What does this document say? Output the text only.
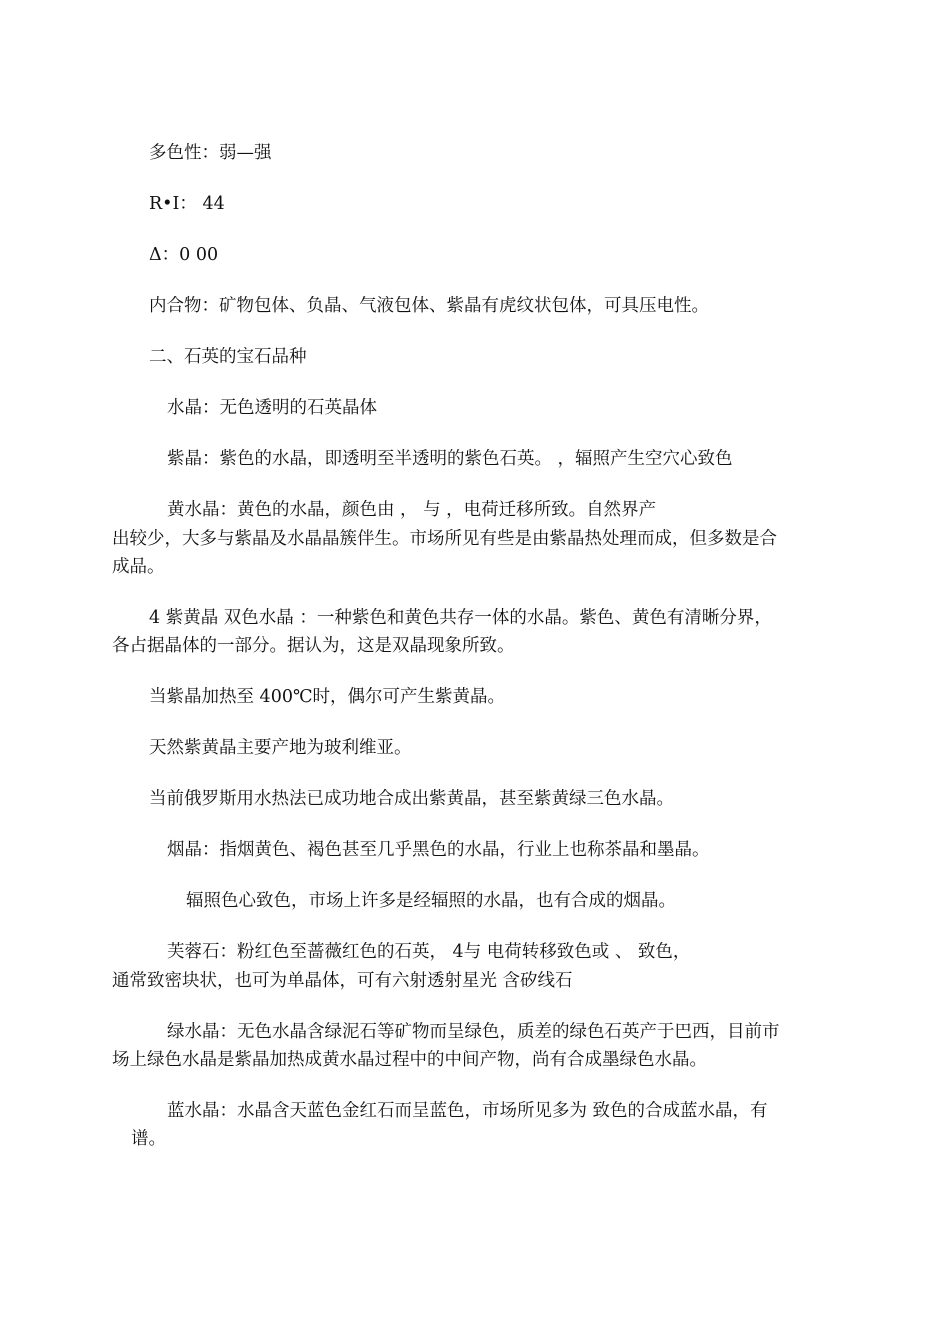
多色性：弱—强
R•I： 44
Δ：0 00
内合物：矿物包体、负晶、气液包体、紫晶有虎纹状包体，可具压电性。
二、石英的宝石品种
水晶：无色透明的石英晶体
紫晶：紫色的水晶，即透明至半透明的紫色石英。 ，辐照产生空穴心致色
黄水晶：黄色的水晶，颜色由 ， 与 ，电荷迁移所致。自然界产
出较少，大多与紫晶及水晶晶簇伴生。市场所见有些是由紫晶热处理而成，但多数是合
成品。
4 紫黄晶 双色水晶 ：一种紫色和黄色共存一体的水晶。紫色、黄色有清晰分界，
各占据晶体的一部分。据认为，这是双晶现象所致。
当紫晶加热至 400℃时，偶尔可产生紫黄晶。
天然紫黄晶主要产地为玻利维亚。
当前俄罗斯用水热法已成功地合成出紫黄晶，甚至紫黄绿三色水晶。
烟晶：指烟黄色、褐色甚至几乎黑色的水晶，行业上也称茶晶和墨晶。
辐照色心致色，市场上许多是经辐照的水晶，也有合成的烟晶。
芙蓉石：粉红色至蔷薇红色的石英， 4与 电荷转移致色或 、 致色，
通常致密块状，也可为单晶体，可有六射透射星光 含矽线石
绿水晶：无色水晶含绿泥石等矿物而呈绿色，质差的绿色石英产于巴西，目前市
场上绿色水晶是紫晶加热成黄水晶过程中的中间产物，尚有合成墨绿色水晶。
蓝水晶：水晶含天蓝色金红石而呈蓝色，市场所见多为 致色的合成蓝水晶，有
谱。
